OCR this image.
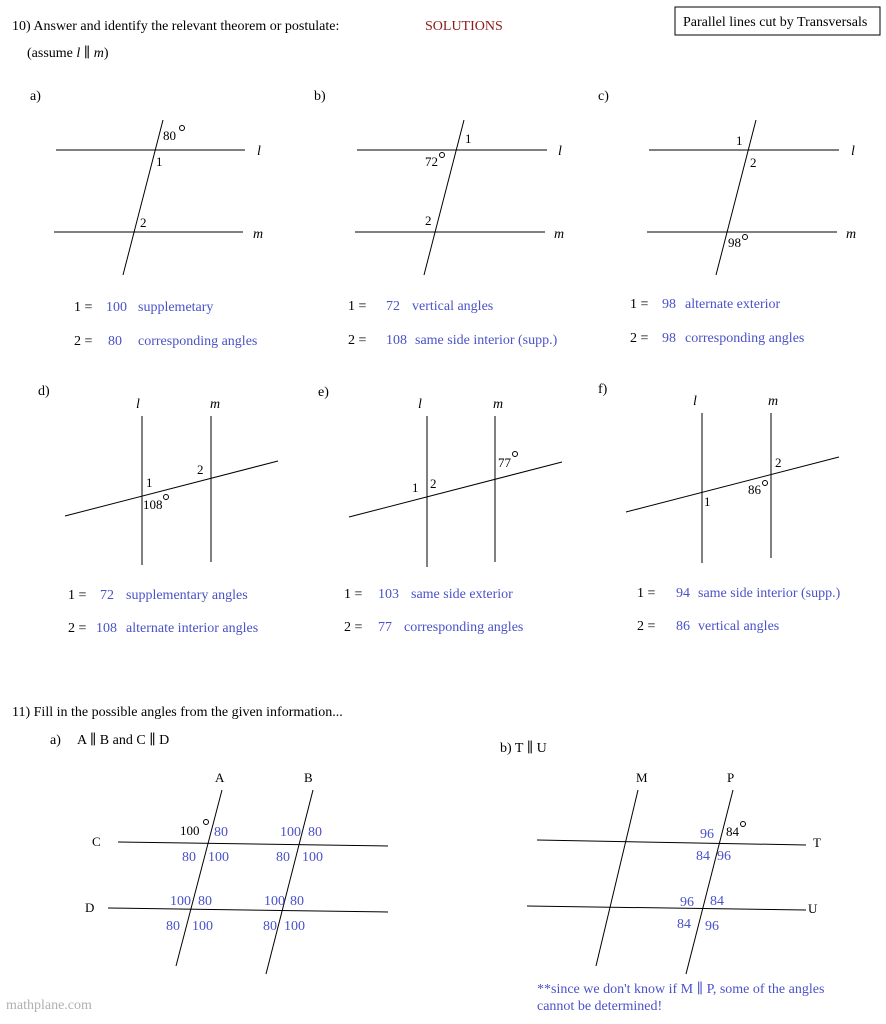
10) Answer and identify the relevant theorem or postulate:
(assume l ∥ m)
SOLUTIONS	Parallel lines cut by Transversals
a)
l
m
80
1
2
1 = 100 supplemetary
2 = 80 corresponding angles
b)
l
m
1
72
2
1 = 72 vertical angles
2 = 108 same side interior (supp.)
c)
l
m
1
2
98
1 = 98 alternate exterior
2 = 98 corresponding angles
d)
l	m
1
2
108
1 = 72 supplementary angles
2 = 108 alternate interior angles
e)
l	m
1 2
77
1 = 103 same side exterior
2 = 77 corresponding angles
f)
l	m
1
2
86
1 = 94 same side interior (supp.)
2 = 86 vertical angles
11) Fill in the possible angles from the given information...
a) A ∥ B and C ∥ D
b) T ∥ U
A	B
C
D
100 80
80 100
100 80
80 100
100 80
80 100
100 80
80 100
M	P
T
U
96 84
84 96
96 84
84 96
**since we don't know if M ∥ P, some of the angles
cannot be determined!
mathplane.com
